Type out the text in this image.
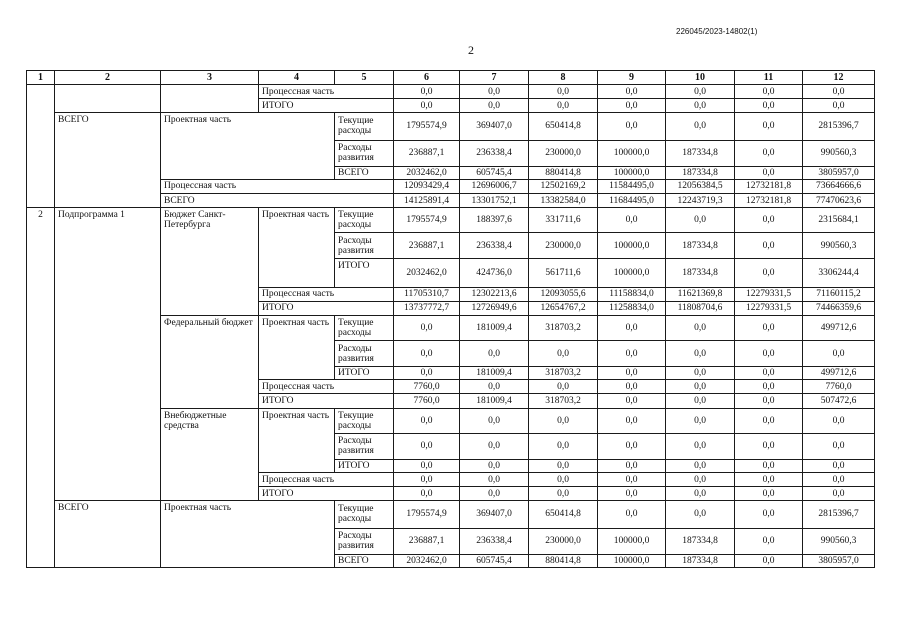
226045/2023-14802(1)
2
1	2	3	4	5	6	7	8	9	10	11	12
			Процессная часть		0,0	0,0	0,0	0,0	0,0	0,0	0,0
			ИТОГО		0,0	0,0	0,0	0,0	0,0	0,0	0,0
	ВСЕГО	Проектная часть		Текущие расходы	1795574,9	369407,0	650414,8	0,0	0,0	0,0	2815396,7
				Расходы развития	236887,1	236338,4	230000,0	100000,0	187334,8	0,0	990560,3
				ВСЕГО	2032462,0	605745,4	880414,8	100000,0	187334,8	0,0	3805957,0
		Процессная часть			12093429,4	12696006,7	12502169,2	11584495,0	12056384,5	12732181,8	73664666,6
		ВСЕГО			14125891,4	13301752,1	13382584,0	11684495,0	12243719,3	12732181,8	77470623,6
2	Подпрограмма 1	Бюджет Санкт-Петербурга	Проектная часть	Текущие расходы	1795574,9	188397,6	331711,6	0,0	0,0	0,0	2315684,1
				Расходы развития	236887,1	236338,4	230000,0	100000,0	187334,8	0,0	990560,3
				ИТОГО	2032462,0	424736,0	561711,6	100000,0	187334,8	0,0	3306244,4
			Процессная часть		11705310,7	12302213,6	12093055,6	11158834,0	11621369,8	12279331,5	71160115,2
			ИТОГО		13737772,7	12726949,6	12654767,2	11258834,0	11808704,6	12279331,5	74466359,6
		Федеральный бюджет	Проектная часть	Текущие расходы	0,0	181009,4	318703,2	0,0	0,0	0,0	499712,6
				Расходы развития	0,0	0,0	0,0	0,0	0,0	0,0	0,0
				ИТОГО	0,0	181009,4	318703,2	0,0	0,0	0,0	499712,6
			Процессная часть		7760,0	0,0	0,0	0,0	0,0	0,0	7760,0
			ИТОГО		7760,0	181009,4	318703,2	0,0	0,0	0,0	507472,6
		Внебюджетные средства	Проектная часть	Текущие расходы	0,0	0,0	0,0	0,0	0,0	0,0	0,0
				Расходы развития	0,0	0,0	0,0	0,0	0,0	0,0	0,0
				ИТОГО	0,0	0,0	0,0	0,0	0,0	0,0	0,0
			Процессная часть		0,0	0,0	0,0	0,0	0,0	0,0	0,0
			ИТОГО		0,0	0,0	0,0	0,0	0,0	0,0	0,0
	ВСЕГО	Проектная часть		Текущие расходы	1795574,9	369407,0	650414,8	0,0	0,0	0,0	2815396,7
				Расходы развития	236887,1	236338,4	230000,0	100000,0	187334,8	0,0	990560,3
				ВСЕГО	2032462,0	605745,4	880414,8	100000,0	187334,8	0,0	3805957,0
